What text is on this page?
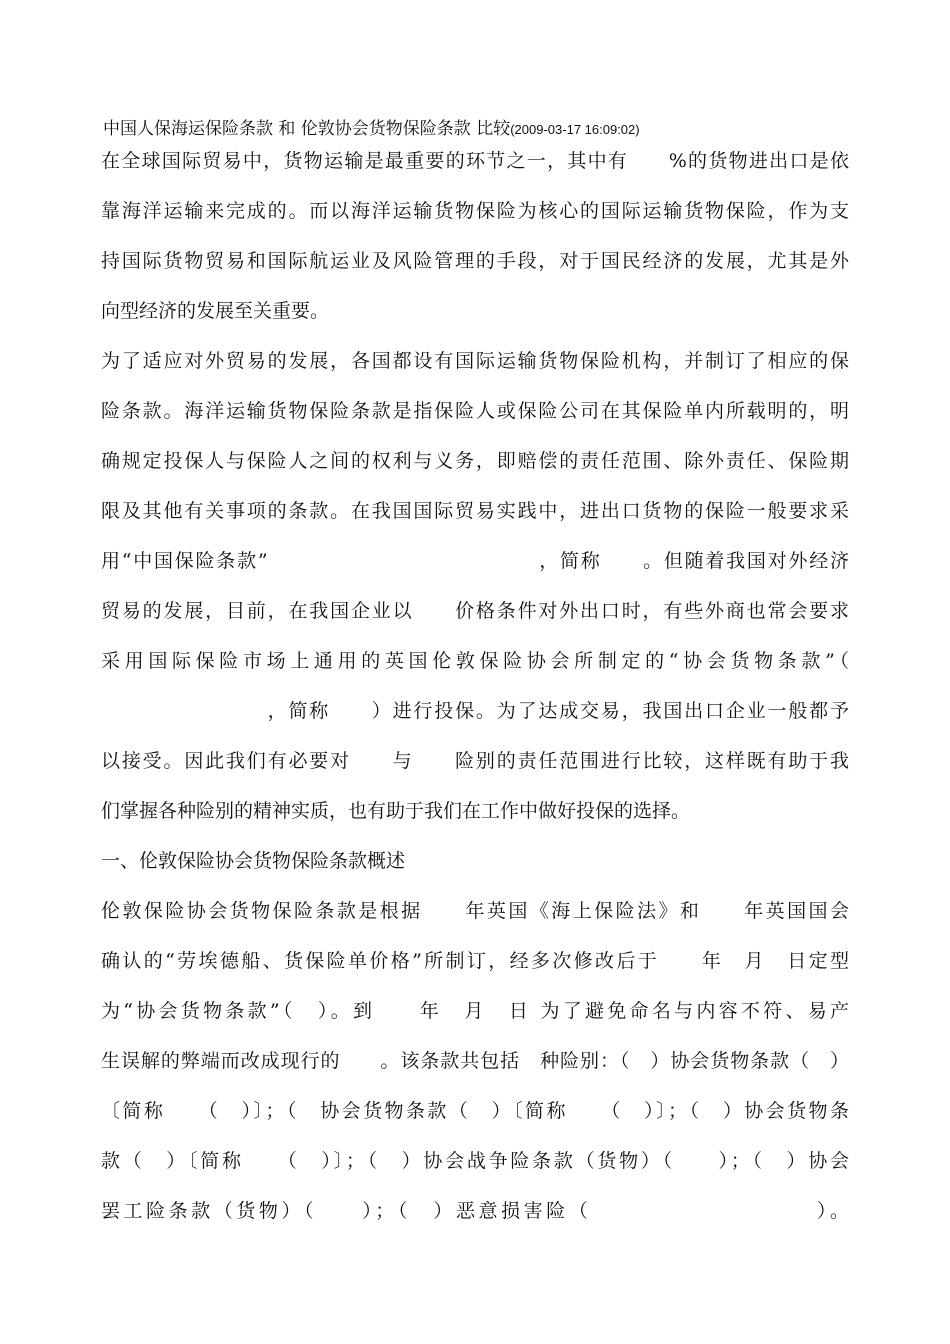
中国人保海运保险条款 和 伦敦协会货物保险条款 比较(2009-03-17 16:09:02)
在全球国际贸易中，货物运输是最重要的环节之一，其中有　　%的货物进出口是依
靠海洋运输来完成的。而以海洋运输货物保险为核心的国际运输货物保险，作为支
持国际货物贸易和国际航运业及风险管理的手段，对于国民经济的发展，尤其是外
向型经济的发展至关重要。
为了适应对外贸易的发展，各国都设有国际运输货物保险机构，并制订了相应的保
险条款。海洋运输货物保险条款是指保险人或保险公司在其保险单内所载明的，明
确规定投保人与保险人之间的权利与义务，即赔偿的责任范围、除外责任、保险期
限及其他有关事项的条款。在我国国际贸易实践中，进出口货物的保险一般要求采
用“中国保险条款”　　　　　　　　　　　　　，简称　　。但随着我国对外经济
贸易的发展，目前，在我国企业以　　价格条件对外出口时，有些外商也常会要求
采用国际保险市场上通用的英国伦敦保险协会所制定的“协会货物条款”（　　　
　　　　　　　　，简称　　）进行投保。为了达成交易，我国出口企业一般都予
以接受。因此我们有必要对　　与　　险别的责任范围进行比较，这样既有助于我
们掌握各种险别的精神实质，也有助于我们在工作中做好投保的选择。
一、伦敦保险协会货物保险条款概述
伦敦保险协会货物保险条款是根据　　年英国《海上保险法》和　　年英国国会
确认的“劳埃德船、货保险单价格”所制订，经多次修改后于　　年　月　日定型
为“协会货物条款”（　）。到　　年　月　日 为了避免命名与内容不符、易产
生误解的弊端而改成现行的　　。该条款共包括　种险别：（　）协会货物条款（　）
〔简称　　（　）〕；（　协会货物条款（　）〔简称　　（　）〕；（　）协会货物条
款（　）〔简称　　（　）〕；（　）协会战争险条款（货物）（　　）；（　）协会
罢工险条款（货物）（　　）；（　）恶意损害险（　　　　　　　　　　）。
